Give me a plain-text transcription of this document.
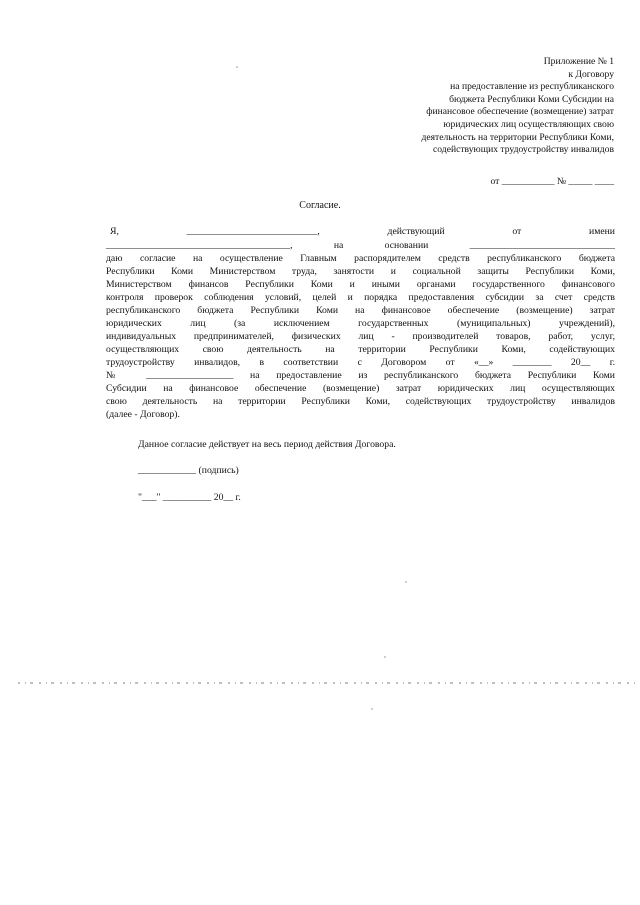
Приложение № 1
к Договору
на предоставление из республиканского
бюджета Республики Коми Субсидии на
финансовое обеспечение (возмещение) затрат
юридических лиц осуществляющих свою
деятельность на территории Республики Коми,
содействующих трудоустройству инвалидов
от ___________ № _____ ____
Согласие.
Я, ___________________________, действующий от имени
______________________________________, на основании ______________________________
даю согласие на осуществление Главным распорядителем средств республиканского бюджета
Республики Коми Министерством труда, занятости и социальной защиты Республики Коми,
Министерством финансов Республики Коми и иными органами государственного финансового
контроля проверок соблюдения условий, целей и порядка предоставления субсидии за счет средств
республиканского бюджета Республики Коми на финансовое обеспечение (возмещение) затрат
юридических лиц (за исключением государственных (муниципальных) учреждений),
индивидуальных предпринимателей, физических лиц - производителей товаров, работ, услуг,
осуществляющих свою деятельность на территории Республики Коми, содействующих
трудоустройству инвалидов, в соответствии с Договором от «__» ________ 20__ г.
№ __________________ на предоставление из республиканского бюджета Республики Коми
Субсидии на финансовое обеспечение (возмещение) затрат юридических лиц осуществляющих
свою деятельность на территории Республики Коми, содействующих трудоустройству инвалидов
(далее - Договор).
Данное согласие действует на весь период действия Договора.
____________ (подпись)
"___" __________ 20__ г.
